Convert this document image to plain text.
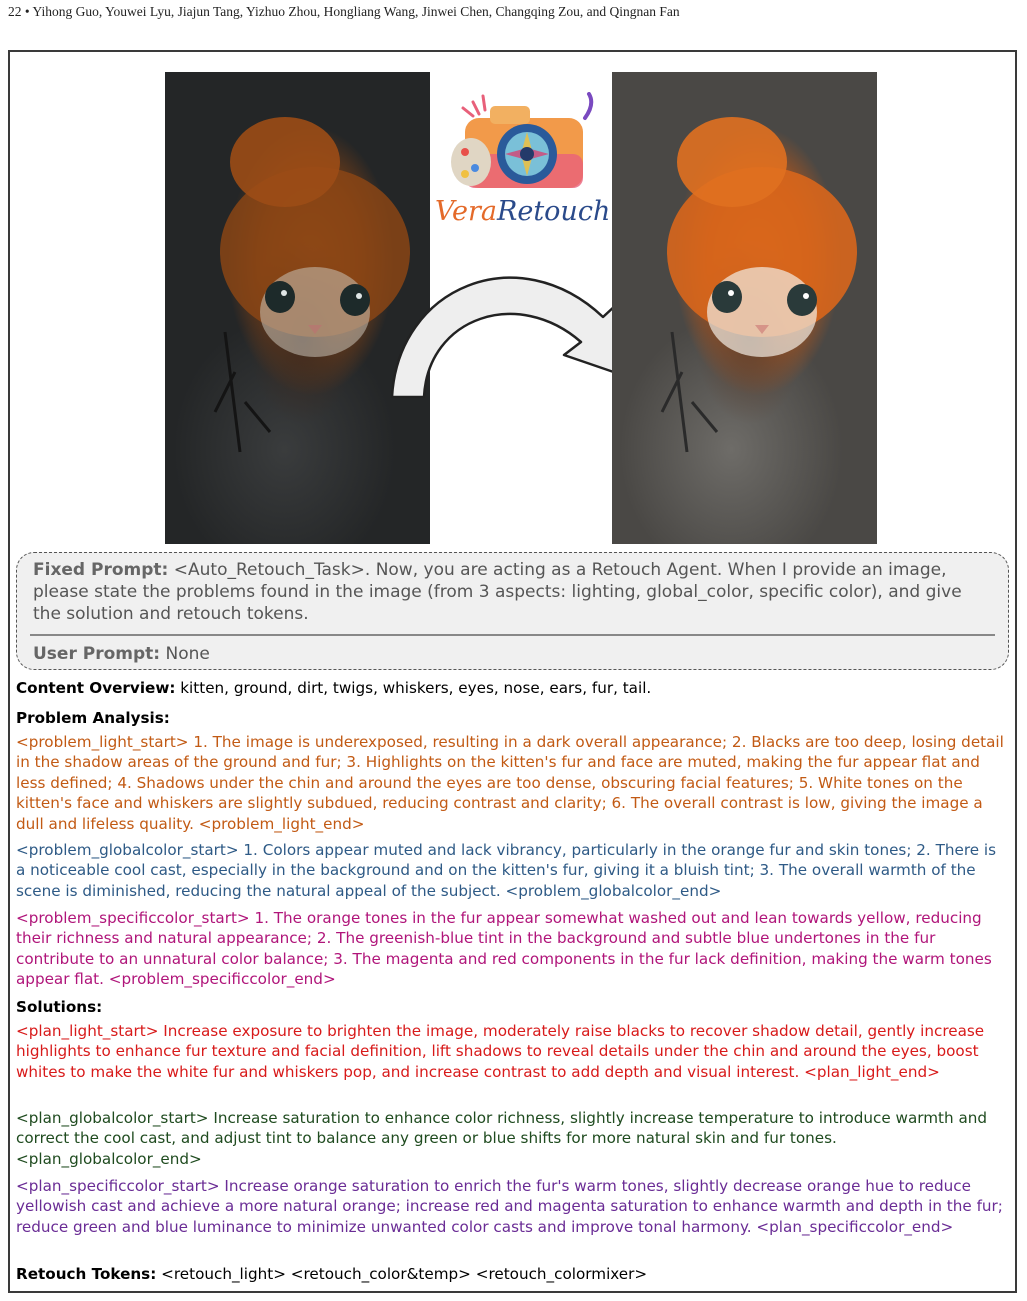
22 • Yihong Guo, Youwei Lyu, Jiajun Tang, Yizhuo Zhou, Hongliang Wang, Jinwei Chen, Changqing Zou, and Qingnan Fan
VeraRetouch

Fixed Prompt: <Auto_Retouch_Task>. Now, you are acting as a Retouch Agent. When I provide an image, please state the problems found in the image (from 3 aspects: lighting, global_color, specific color), and give the solution and retouch tokens.

User Prompt: None

Content Overview: kitten, ground, dirt, twigs, whiskers, eyes, nose, ears, fur, tail.

Problem Analysis:

<problem_light_start> 1. The image is underexposed, resulting in a dark overall appearance; 2. Blacks are too deep, losing detail in the shadow areas of the ground and fur; 3. Highlights on the kitten's fur and face are muted, making the fur appear flat and less defined; 4. Shadows under the chin and around the eyes are too dense, obscuring facial features; 5. White tones on the kitten's face and whiskers are slightly subdued, reducing contrast and clarity; 6. The overall contrast is low, giving the image a dull and lifeless quality. <problem_light_end>

<problem_globalcolor_start> 1. Colors appear muted and lack vibrancy, particularly in the orange fur and skin tones; 2. There is a noticeable cool cast, especially in the background and on the kitten's fur, giving it a bluish tint; 3. The overall warmth of the scene is diminished, reducing the natural appeal of the subject. <problem_globalcolor_end>

<problem_specificcolor_start> 1. The orange tones in the fur appear somewhat washed out and lean towards yellow, reducing their richness and natural appearance; 2. The greenish-blue tint in the background and subtle blue undertones in the fur contribute to an unnatural color balance; 3. The magenta and red components in the fur lack definition, making the warm tones appear flat. <problem_specificcolor_end>

Solutions:

<plan_light_start> Increase exposure to brighten the image, moderately raise blacks to recover shadow detail, gently increase highlights to enhance fur texture and facial definition, lift shadows to reveal details under the chin and around the eyes, boost whites to make the white fur and whiskers pop, and increase contrast to add depth and visual interest. <plan_light_end>

<plan_globalcolor_start> Increase saturation to enhance color richness, slightly increase temperature to introduce warmth and correct the cool cast, and adjust tint to balance any green or blue shifts for more natural skin and fur tones. <plan_globalcolor_end>

<plan_specificcolor_start> Increase orange saturation to enrich the fur's warm tones, slightly decrease orange hue to reduce yellowish cast and achieve a more natural orange; increase red and magenta saturation to enhance warmth and depth in the fur; reduce green and blue luminance to minimize unwanted color casts and improve tonal harmony. <plan_specificcolor_end>

Retouch Tokens: <retouch_light> <retouch_color&temp> <retouch_colormixer>
